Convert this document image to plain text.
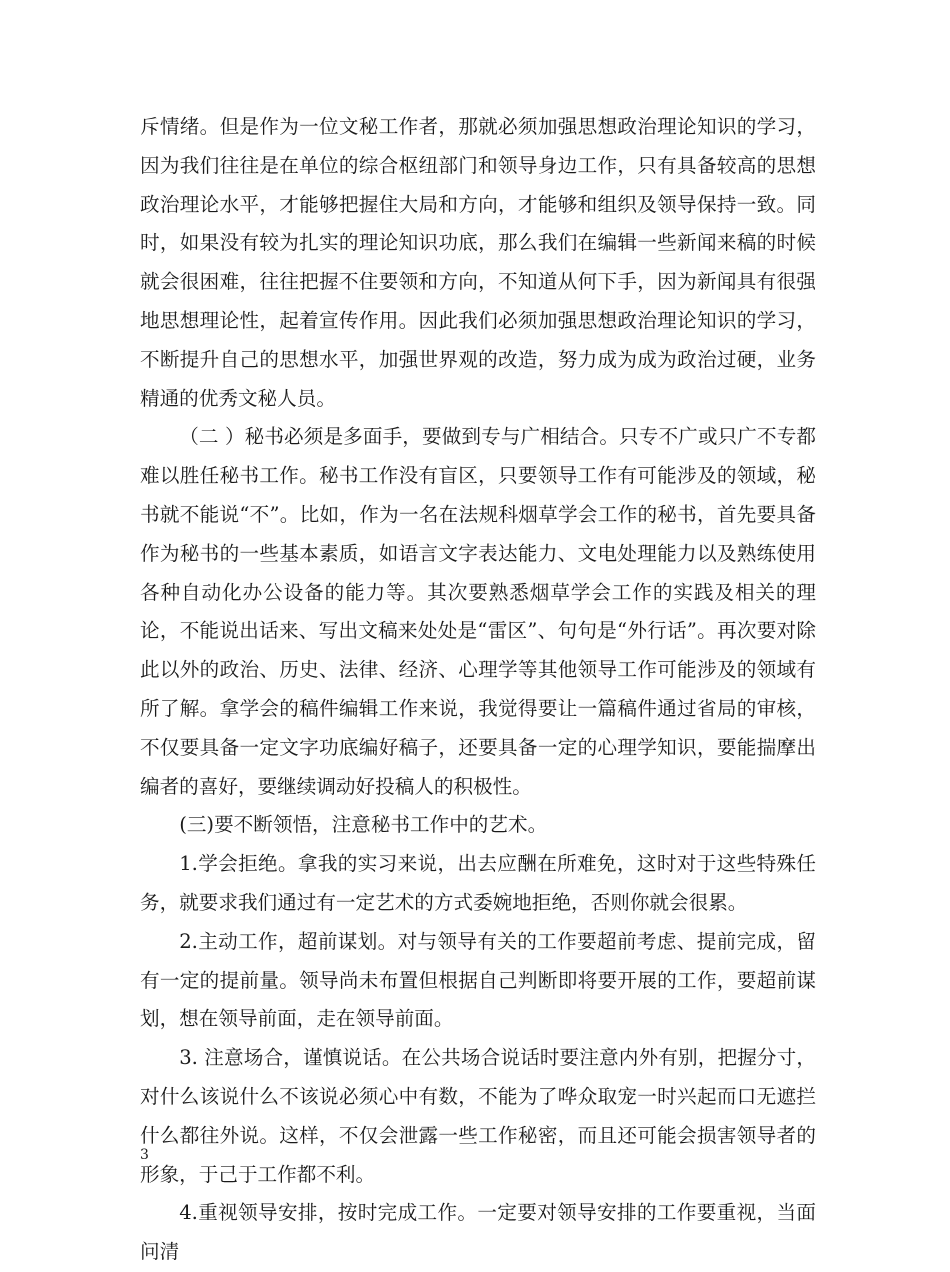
斥情绪。但是作为一位文秘工作者，那就必须加强思想政治理论知识的学习，因为我们往往是在单位的综合枢纽部门和领导身边工作，只有具备较高的思想政治理论水平，才能够把握住大局和方向，才能够和组织及领导保持一致。同时，如果没有较为扎实的理论知识功底，那么我们在编辑一些新闻来稿的时候就会很困难，往往把握不住要领和方向，不知道从何下手，因为新闻具有很强地思想理论性，起着宣传作用。因此我们必须加强思想政治理论知识的学习，不断提升自己的思想水平，加强世界观的改造，努力成为成为政治过硬，业务精通的优秀文秘人员。

（二 ）秘书必须是多面手，要做到专与广相结合。只专不广或只广不专都难以胜任秘书工作。秘书工作没有盲区，只要领导工作有可能涉及的领域，秘书就不能说“不”。比如，作为一名在法规科烟草学会工作的秘书，首先要具备作为秘书的一些基本素质，如语言文字表达能力、文电处理能力以及熟练使用各种自动化办公设备的能力等。其次要熟悉烟草学会工作的实践及相关的理论，不能说出话来、写出文稿来处处是“雷区”、句句是“外行话”。再次要对除此以外的政治、历史、法律、经济、心理学等其他领导工作可能涉及的领域有所了解。拿学会的稿件编辑工作来说，我觉得要让一篇稿件通过省局的审核，不仅要具备一定文字功底编好稿子，还要具备一定的心理学知识，要能揣摩出编者的喜好，要继续调动好投稿人的积极性。

(三)要不断领悟，注意秘书工作中的艺术。

1.学会拒绝。拿我的实习来说，出去应酬在所难免，这时对于这些特殊任务，就要求我们通过有一定艺术的方式委婉地拒绝，否则你就会很累。

2.主动工作，超前谋划。对与领导有关的工作要超前考虑、提前完成，留有一定的提前量。领导尚未布置但根据自己判断即将要开展的工作，要超前谋划，想在领导前面，走在领导前面。

3. 注意场合，谨慎说话。在公共场合说话时要注意内外有别，把握分寸，对什么该说什么不该说必须心中有数，不能为了哗众取宠一时兴起而口无遮拦什么都往外说。这样，不仅会泄露一些工作秘密，而且还可能会损害领导者的形象，于己于工作都不利。

4.重视领导安排，按时完成工作。一定要对领导安排的工作要重视，当面问清

3
